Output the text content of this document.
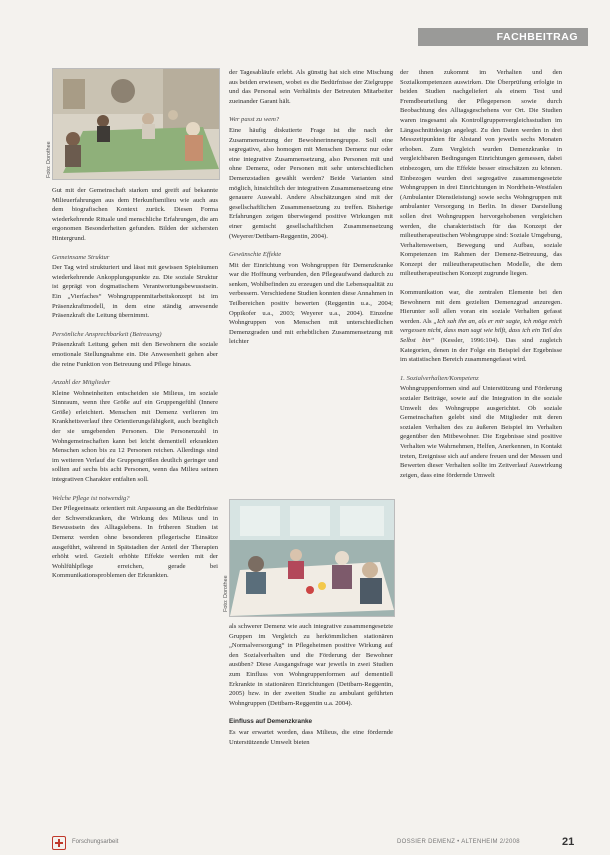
FACHBEITRAG
Foto: Dorothee
Foto: Dorothee

Gut mit der Gemeinschaft starken und greift auf bekannte Milieuerfahrungen aus dem Herkunftsmilieu wie auch aus dem biografischen Kontext zurück. Diesen Forma wiederkehrende Rituale und menschliche Erfahrungen, die am ergonomen Besonderheiten gefunden. Bilden der sichersten Hintergrund.

Gemeinsame Struktur

Der Tag wird strukturiert und lässt mit gewissen Spielräumen wiederkehrende Ankopplungspunkte zu. Die soziale Struktur ist geprägt von dogmatischem Verantwortungsbewusstsein. Ein „Vierfaches“ Wohngruppenmitarbeitskonzept ist im Präsenzkraftmodell, in dem eine ständig anwesende Präsenzkraft die Leitung übernimmt.

Persönliche Ansprechbarkeit (Betreuung)

Präsenzkraft Leitung gehen mit den Bewohnern die soziale emotionale Stellungnahme ein. Die Anwesenheit gehen aber die reine Funktion von Betreuung und Pflege hinaus.

Anzahl der Mitglieder

Kleine Wohneinheiten entscheiden sie Milieus, im soziale Sinnraum, wenn ihre Größe auf ein Gruppengefühl (Innere Größe) erleichtert. Menschen mit Demenz verlieren im Krankheitsverlauf ihre Orientierungsfähigkeit, auch bezüglich der sie umgebenden Personen. Die Personenzahl in Wohngemeinschaften kann bei leicht dementiell erkrankten Menschen schon bis zu 12 Personen reichen. Allerdings sind im weiteren Verlauf die Gruppengrößen deutlich geringer und sollten auf sechs bis acht Personen, wenn das Milieu seinen integrativen Charakter entfalten soll.

Welche Pflege ist notwendig?

Der Pflegeeinsatz orientiert mit Anpassung an die Bedürfnisse der Schwerstkranken, die Wirkung des Milieus und in Bewusstsein des Alltagslebens. In früheren Studien ist Demenz werden ohne besonderen pflegerische Einsätze ausgeführt, während in Spätstadien der Anteil der Therapien erhöht wird. Gezielt erhöhte Effekte werden mit der Wohlfühlpflege erreichen, gerade bei Kommunikationsproblemen der Erkrankten.

der Tagesabläufe erlebt. Als günstig hat sich eine Mischung aus beiden erwiesen, wobei es die Bedürfnisse der Zielgruppe und das Personal sein Verhältnis der Betreuten Mitarbeiter zueinander Garant hält.

Wer passt zu wem?

Eine häufig diskutierte Frage ist die nach der Zusammensetzung der Bewohnerinnengruppe. Soll eine segregative, also homogen mit Menschen Demenz nur oder eine integrative Zusammensetzung, also Personen mit und ohne Demenz, oder Personen mit sehr unterschiedlichen Demenzstadien gewählt werden? Beide Varianten sind möglich, hinsichtlich der integrativen Zusammensetzung eine genauere Auswahl. Andere Abschätzungen sind mit der gesellschaftlichen Zusammensetzung zu treffen. Bisherige Erfahrungen zeigen überwiegend positive Wirkungen mit einer gemischt gesellschaftlichen Zusammensetzung (Weyerer/Dettbarn-Reggentin, 2004).

Gewünschte Effekte

Mit der Einrichtung von Wohngruppen für Demenzkranke war die Hoffnung verbunden, den Pflegeaufwand dadurch zu senken, Wohlbefinden zu erzeugen und die Lebensqualität zu verbessern. Verschiedene Studien konnten diese Annahmen in Teilbereichen positiv bewerten (Reggentin u.a., 2004; Oppikofer u.a., 2003; Weyerer u.a., 2004). Einzelne Wohngruppen von Menschen mit unterschiedlichen Demenzgraden und mit erhebtlichen Zusammensetzung mit leichter

als schwerer Demenz wie auch integrative zusammengesetzte Gruppen im Vergleich zu herkömmlichen stationären „Normalversorgung“ in Pflegeheimen positive Wirkung auf den Sozialverhalten und die Förderung der Bewohner ausüben? Diese Ausgangsfrage war jeweils in zwei Studien zum Einfluss von Wohngruppenformen auf dementiell Erkrankte in stationären Einrichtungen (Dettbarn-Reggentin, 2005) bzw. in der zweiten Studie zu ambulant geführten Wohngruppen (Dettbarn-Reggentin u.a. 2004).

Einfluss auf Demenzkranke

Es war erwartet worden, dass Milieus, die eine fördernde Unterstützende Umwelt bieten

der ihnen zukommt im Verhalten und den Sozialkompetenzen auswirken. Die Überprüfung erfolgte in beiden Studien nachgeliefert als einem Test und Fremdbeurteilung der Pflegeperson sowie durch Beobachtung des Alltagsgeschehens vor Ort. Die Studien waren insgesamt als Kontrollgruppenvergleichsstudien im Längsschnittdesign angelegt. Zu den Daten werden in drei Messzeitpunkten für Abstand von jeweils sechs Monaten erhoben. Zum Vergleich wurden Demenzkranke in vergleichbaren Bedingungen Einrichtungen gemessen, dabei einbezogen, um die Effekte besser einschätzen zu können. Einbezogen wurden drei segregative zusammengesetzte Wohngruppen in drei Einrichtungen in Nordrhein-Westfalen (Ambulanter Dienstleistung) sowie sechs Wohngruppen mit ambulanter Versorgung in Berlin. In dieser Darstellung sollen drei Wohngruppen hervorgehobenen vergleichen werden, die charakteristisch für das Konzept der milieutherapeutischen Wohngruppe sind: Soziale Umgebung, Verhaltensweisen, Bewegung und Aufbau, soziale Kompetenzen im Rahmen der Demenz-Betreuung, das Konzept der milieutherapeutischen Modelle, die dem milieutherapeutischen Konzept zugrunde liegen.

Kommunikation war, die zentralen Elemente bei den Bewohnern mit dem gezielten Demenzgrad anzuregen. Hierunter soll allen voran ein soziale Verhalten gefasst werden. Als „Ich sah ihn an, als er mir sagte, ich möge mich vergessen nicht, dass man sagt wie hilft, dass ich ein Teil des Selbst bin“ (Kessler, 1996:104). Das sind zugleich Kategorien, denen in der Folge ein Beispiel der Ergebnisse im statistischen Bereich zusammengefasst wird.

1. Sozialverhalten/Kompetenz

Wohngruppenformen sind auf Unterstützung und Förderung sozialer Beiträge, sowie auf die Integration in die soziale Umwelt des Wohngruppe ausgerichtet. Ob soziale Gemeinschaften gelebt sind die Mitglieder mit deren sozialen Verhalten des zu äußeren Beispiel im Verhalten gegenüber den Mitbewohner. Die Ergebnisse sind positive Verhalten wie Wahrnehmen, Helfen, Anerkennen, in Kontakt treten, Ereignisse sich auf andere freuen und der Messen und Bewerten dieser Verhalten sollte im Zeitverlauf Auswirkung zeigen, dass eine fördernde Umwelt

Forschungsarbeit	DOSSIER DEMENZ • ALTENHEIM 2/2008	21
